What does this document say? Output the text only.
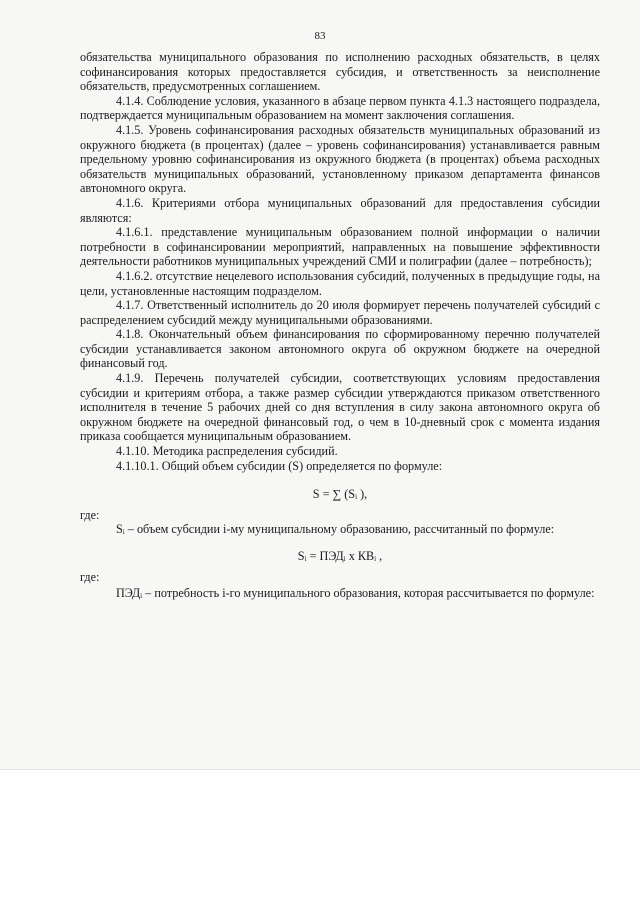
83

обязательства муниципального образования по исполнению расходных обязательств, в целях софинансирования которых предоставляется субсидия, и ответственность за неисполнение обязательств, предусмотренных соглашением.

4.1.4. Соблюдение условия, указанного в абзаце первом пункта 4.1.3 настоящего подраздела, подтверждается муниципальным образованием на момент заключения соглашения.

4.1.5. Уровень софинансирования расходных обязательств муниципальных образований из окружного бюджета (в процентах) (далее – уровень софинансирования) устанавливается равным предельному уровню софинансирования из окружного бюджета (в процентах) объема расходных обязательств муниципальных образований, установленному приказом департамента финансов автономного округа.

4.1.6. Критериями отбора муниципальных образований для предоставления субсидии являются:

4.1.6.1. представление муниципальным образованием полной информации о наличии потребности в софинансировании мероприятий, направленных на повышение эффективности деятельности работников муниципальных учреждений СМИ и полиграфии (далее – потребность);

4.1.6.2. отсутствие нецелевого использования субсидий, полученных в предыдущие годы, на цели, установленные настоящим подразделом.

4.1.7. Ответственный исполнитель до 20 июля формирует перечень получателей субсидий с распределением субсидий между муниципальными образованиями.

4.1.8. Окончательный объем финансирования по сформированному перечню получателей субсидии устанавливается законом автономного округа об окружном бюджете на очередной финансовый год.

4.1.9. Перечень получателей субсидии, соответствующих условиям предоставления субсидии и критериям отбора, а также размер субсидии утверждаются приказом ответственного исполнителя в течение 5 рабочих дней со дня вступления в силу закона автономного округа об окружном бюджете на очередной финансовый год, о чем в 10-дневный срок с момента издания приказа сообщается муниципальным образованием.

4.1.10. Методика распределения субсидий.

4.1.10.1. Общий объем субсидии (S) определяется по формуле:

S = ∑ (Sᵢ ),

где:

Sᵢ – объем субсидии i-му муниципальному образованию, рассчитанный по формуле:

Sᵢ = ПЭДᵢ х КВᵢ ,

где:

ПЭДᵢ – потребность i-го муниципального образования, которая рассчитывается по формуле:
